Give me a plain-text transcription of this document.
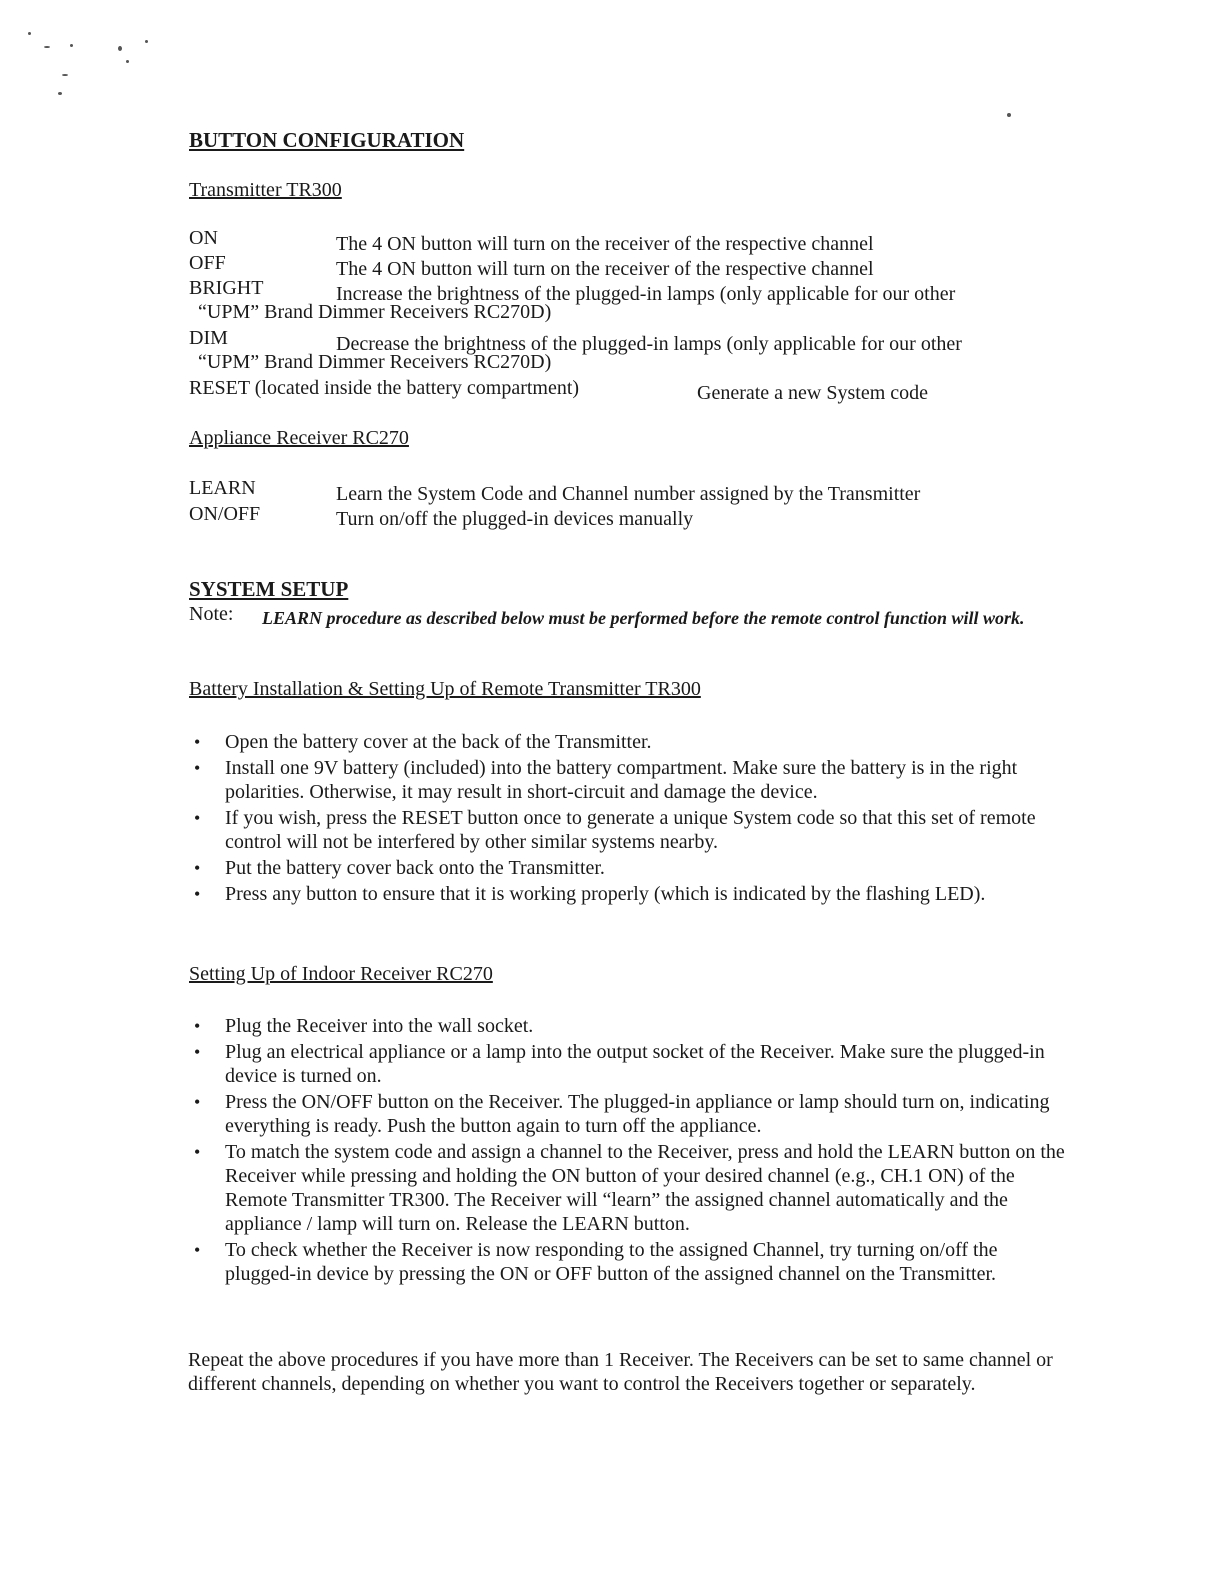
BUTTON CONFIGURATION
Transmitter TR300
ON	The 4 ON button will turn on the receiver of the respective channel
OFF	The 4 ON button will turn on the receiver of the respective channel
BRIGHT	Increase the brightness of the plugged-in lamps (only applicable for our other
“UPM” Brand Dimmer Receivers RC270D)
DIM	Decrease the brightness of the plugged-in lamps (only applicable for our other
“UPM” Brand Dimmer Receivers RC270D)
RESET (located inside the battery compartment)	Generate a new System code
Appliance Receiver RC270
LEARN	Learn the System Code and Channel number assigned by the Transmitter
ON/OFF	Turn on/off the plugged-in devices manually
SYSTEM SETUP
Note: LEARN procedure as described below must be performed before the remote control function will work.
Battery Installation & Setting Up of Remote Transmitter TR300
• Open the battery cover at the back of the Transmitter.
• Install one 9V battery (included) into the battery compartment. Make sure the battery is in the right polarities. Otherwise, it may result in short-circuit and damage the device.
• If you wish, press the RESET button once to generate a unique System code so that this set of remote control will not be interfered by other similar systems nearby.
• Put the battery cover back onto the Transmitter.
• Press any button to ensure that it is working properly (which is indicated by the flashing LED).
Setting Up of Indoor Receiver RC270
• Plug the Receiver into the wall socket.
• Plug an electrical appliance or a lamp into the output socket of the Receiver. Make sure the plugged-in device is turned on.
• Press the ON/OFF button on the Receiver. The plugged-in appliance or lamp should turn on, indicating everything is ready. Push the button again to turn off the appliance.
• To match the system code and assign a channel to the Receiver, press and hold the LEARN button on the Receiver while pressing and holding the ON button of your desired channel (e.g., CH.1 ON) of the Remote Transmitter TR300. The Receiver will “learn” the assigned channel automatically and the appliance / lamp will turn on. Release the LEARN button.
• To check whether the Receiver is now responding to the assigned Channel, try turning on/off the plugged-in device by pressing the ON or OFF button of the assigned channel on the Transmitter.
Repeat the above procedures if you have more than 1 Receiver. The Receivers can be set to same channel or different channels, depending on whether you want to control the Receivers together or separately.
